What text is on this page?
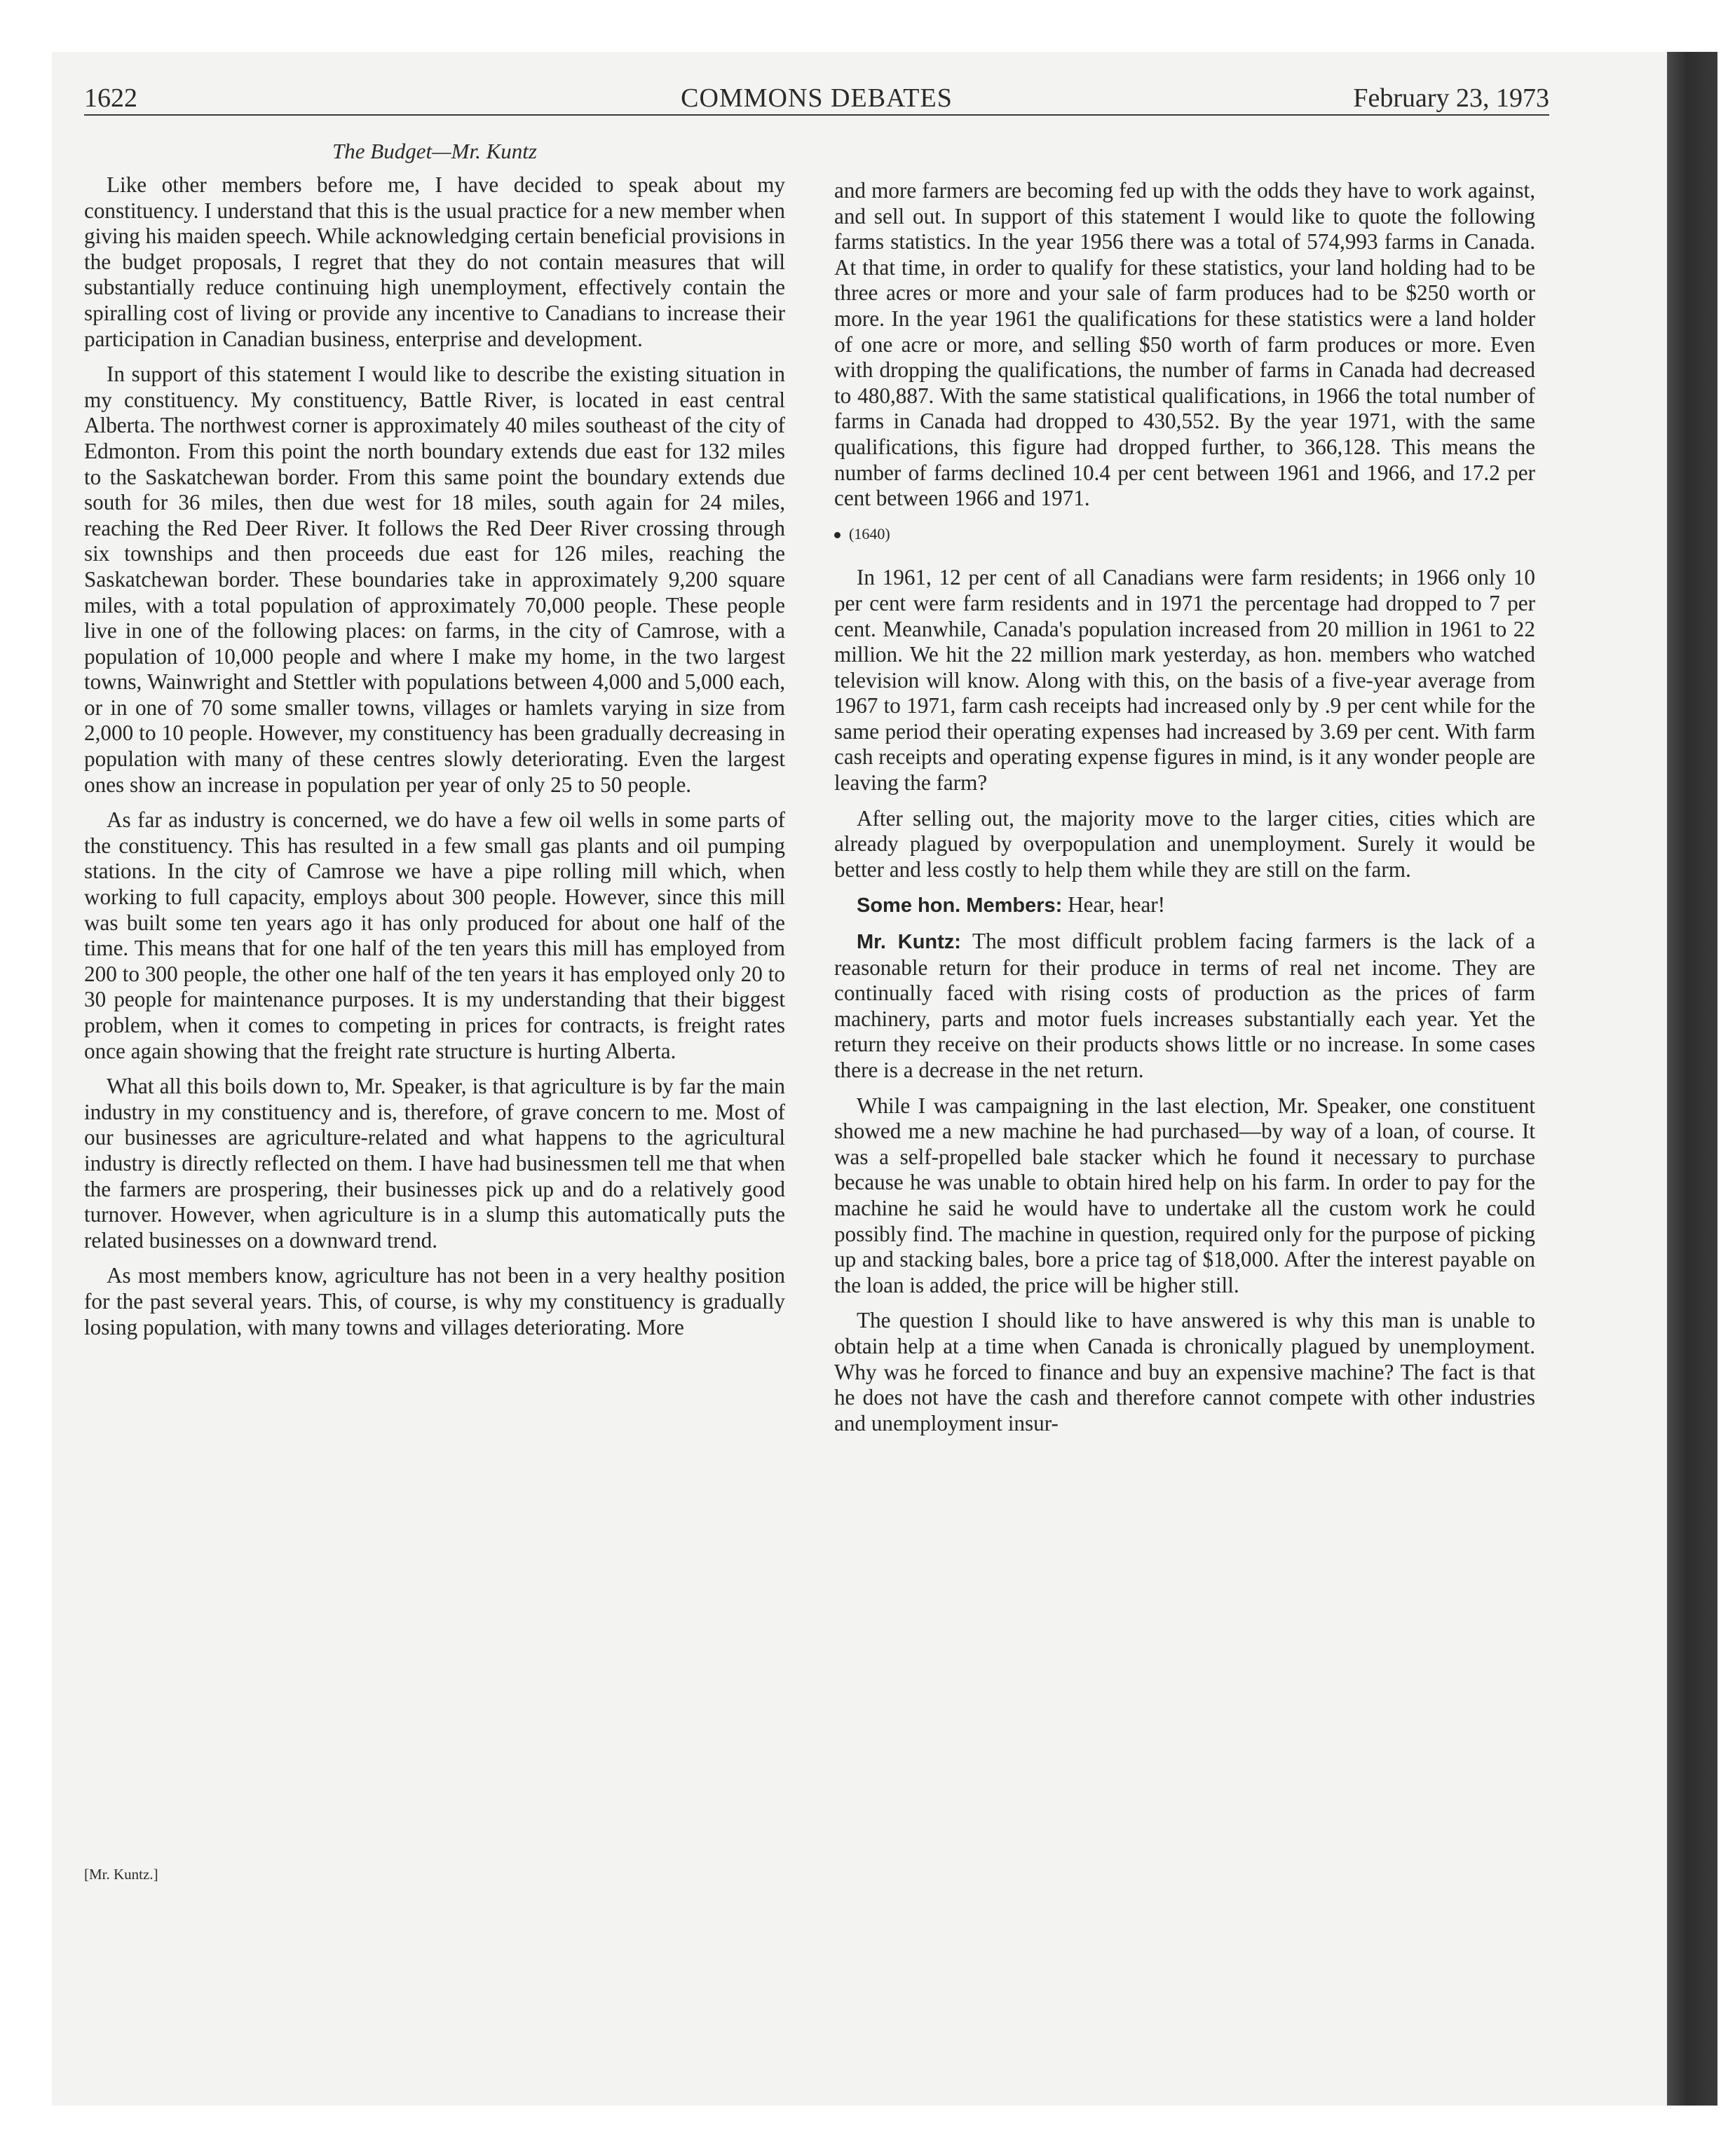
1622	COMMONS DEBATES	February 23, 1973
The Budget—Mr. Kuntz

Like other members before me, I have decided to speak about my constituency. I understand that this is the usual practice for a new member when giving his maiden speech. While acknowledging certain beneficial provisions in the budget proposals, I regret that they do not contain measures that will substantially reduce continuing high unemployment, effectively contain the spiralling cost of living or provide any incentive to Canadians to increase their participation in Canadian business, enterprise and development.

In support of this statement I would like to describe the existing situation in my constituency. My constituency, Battle River, is located in east central Alberta. The northwest corner is approximately 40 miles southeast of the city of Edmonton. From this point the north boundary extends due east for 132 miles to the Saskatchewan border. From this same point the boundary extends due south for 36 miles, then due west for 18 miles, south again for 24 miles, reaching the Red Deer River. It follows the Red Deer River crossing through six townships and then proceeds due east for 126 miles, reaching the Saskatchewan border. These boundaries take in approximately 9,200 square miles, with a total population of approximately 70,000 people. These people live in one of the following places: on farms, in the city of Camrose, with a population of 10,000 people and where I make my home, in the two largest towns, Wainwright and Stettler with populations between 4,000 and 5,000 each, or in one of 70 some smaller towns, villages or hamlets varying in size from 2,000 to 10 people. However, my constituency has been gradually decreasing in population with many of these centres slowly deteriorating. Even the largest ones show an increase in population per year of only 25 to 50 people.

As far as industry is concerned, we do have a few oil wells in some parts of the constituency. This has resulted in a few small gas plants and oil pumping stations. In the city of Camrose we have a pipe rolling mill which, when working to full capacity, employs about 300 people. However, since this mill was built some ten years ago it has only produced for about one half of the time. This means that for one half of the ten years this mill has employed from 200 to 300 people, the other one half of the ten years it has employed only 20 to 30 people for maintenance purposes. It is my understanding that their biggest problem, when it comes to competing in prices for contracts, is freight rates once again showing that the freight rate structure is hurting Alberta.

What all this boils down to, Mr. Speaker, is that agriculture is by far the main industry in my constituency and is, therefore, of grave concern to me. Most of our businesses are agriculture-related and what happens to the agricultural industry is directly reflected on them. I have had businessmen tell me that when the farmers are prospering, their businesses pick up and do a relatively good turnover. However, when agriculture is in a slump this automatically puts the related businesses on a downward trend.

As most members know, agriculture has not been in a very healthy position for the past several years. This, of course, is why my constituency is gradually losing population, with many towns and villages deteriorating. More

[Mr. Kuntz.]

and more farmers are becoming fed up with the odds they have to work against, and sell out. In support of this statement I would like to quote the following farms statistics. In the year 1956 there was a total of 574,993 farms in Canada. At that time, in order to qualify for these statistics, your land holding had to be three acres or more and your sale of farm produces had to be $250 worth or more. In the year 1961 the qualifications for these statistics were a land holder of one acre or more, and selling $50 worth of farm produces or more. Even with dropping the qualifications, the number of farms in Canada had decreased to 480,887. With the same statistical qualifications, in 1966 the total number of farms in Canada had dropped to 430,552. By the year 1971, with the same qualifications, this figure had dropped further, to 366,128. This means the number of farms declined 10.4 per cent between 1961 and 1966, and 17.2 per cent between 1966 and 1971.

(1640)

In 1961, 12 per cent of all Canadians were farm residents; in 1966 only 10 per cent were farm residents and in 1971 the percentage had dropped to 7 per cent. Meanwhile, Canada's population increased from 20 million in 1961 to 22 million. We hit the 22 million mark yesterday, as hon. members who watched television will know. Along with this, on the basis of a five-year average from 1967 to 1971, farm cash receipts had increased only by .9 per cent while for the same period their operating expenses had increased by 3.69 per cent. With farm cash receipts and operating expense figures in mind, is it any wonder people are leaving the farm?

After selling out, the majority move to the larger cities, cities which are already plagued by overpopulation and unemployment. Surely it would be better and less costly to help them while they are still on the farm.

Some hon. Members: Hear, hear!

Mr. Kuntz: The most difficult problem facing farmers is the lack of a reasonable return for their produce in terms of real net income. They are continually faced with rising costs of production as the prices of farm machinery, parts and motor fuels increases substantially each year. Yet the return they receive on their products shows little or no increase. In some cases there is a decrease in the net return.

While I was campaigning in the last election, Mr. Speaker, one constituent showed me a new machine he had purchased—by way of a loan, of course. It was a self-propelled bale stacker which he found it necessary to purchase because he was unable to obtain hired help on his farm. In order to pay for the machine he said he would have to undertake all the custom work he could possibly find. The machine in question, required only for the purpose of picking up and stacking bales, bore a price tag of $18,000. After the interest payable on the loan is added, the price will be higher still.

The question I should like to have answered is why this man is unable to obtain help at a time when Canada is chronically plagued by unemployment. Why was he forced to finance and buy an expensive machine? The fact is that he does not have the cash and therefore cannot compete with other industries and unemployment insur-
